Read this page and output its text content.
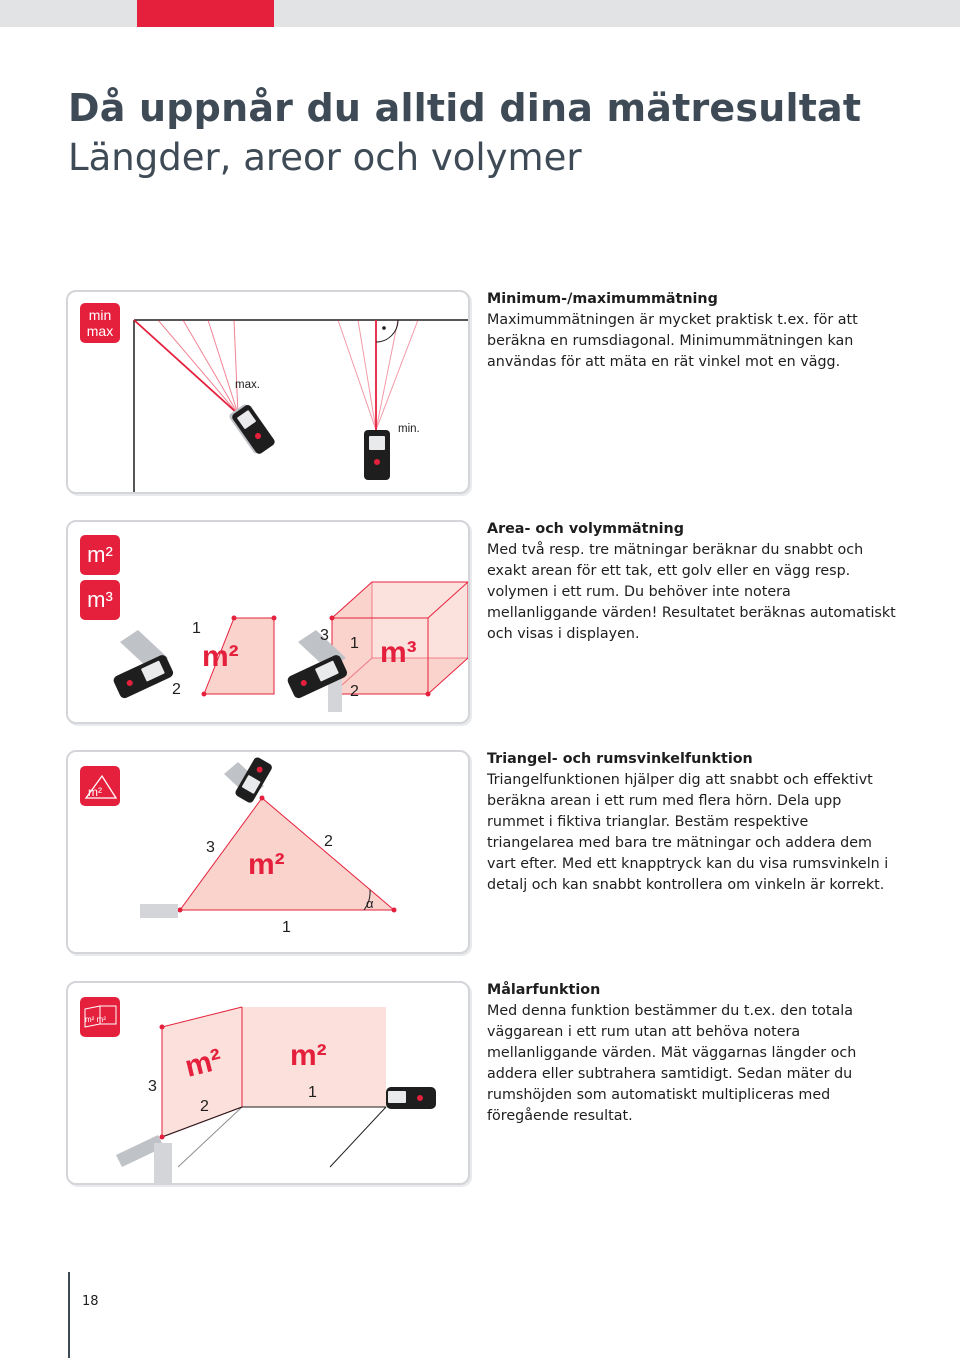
Då uppnår du alltid dina mätresultat
Längder, areor och volymer
min
max
max.
min.
Minimum-/maximummätning

Maximummätningen är mycket praktisk t.ex. för att beräkna en rumsdiagonal. Minimummätningen kan användas för att mäta en rät vinkel mot en vägg.

1
2
3 1
2
m²	m³
m²
m³
Area- och volymmätning

Med två resp. tre mätningar beräknar du snabbt och exakt arean för ett tak, ett golv eller en vägg resp. volymen i ett rum. Du behöver inte notera mellanliggande värden! Resultatet beräknas automatiskt och visas i displayen.

3	2
1
α
m²
m²
Triangel- och rumsvinkelfunktion

Triangelfunktionen hjälper dig att snabbt och effektivt beräkna arean i ett rum med flera hörn. Dela upp rummet i fiktiva trianglar. Bestäm respektive triangelarea med bara tre mätningar och addera dem vart efter. Med ett knapptryck kan du visa rumsvinkeln i detalj och kan snabbt kontrollera om vinkeln är korrekt.

3
2
1
m² m²
m² m²
Målarfunktion

Med denna funktion bestämmer du t.ex. den totala väggarean i ett rum utan att behöva notera mellanliggande värden. Mät väggarnas längder och addera eller subtrahera samtidigt. Sedan mäter du rumshöjden som automatiskt multipliceras med föregående resultat.

18
